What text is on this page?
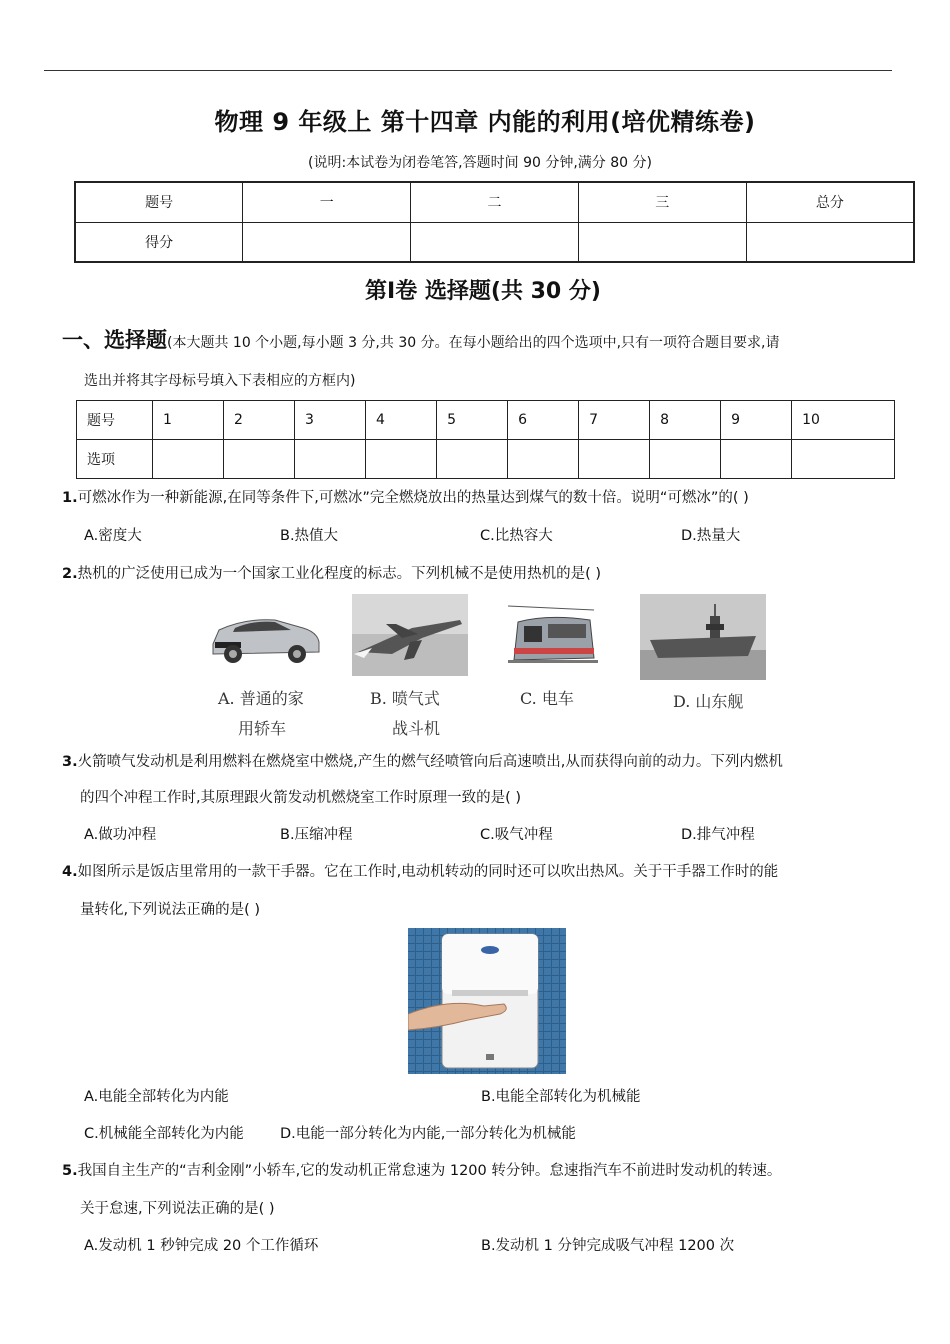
物理 9 年级上 第十四章 内能的利用(培优精练卷)
(说明:本试卷为闭卷笔答,答题时间 90 分钟,满分 80 分)
题号	一	二	三	总分
得分				
第Ⅰ卷 选择题(共 30 分)
一、选择题(本大题共 10 个小题,每小题 3 分,共 30 分。在每小题给出的四个选项中,只有一项符合题目要求,请
选出并将其字母标号填入下表相应的方框内)
题号	1	2	3	4	5	6	7	8	9	10
选项										
1.可燃冰作为一种新能源,在同等条件下,可燃冰”完全燃烧放出的热量达到煤气的数十倍。说明“可燃冰”的( )
A.密度大	B.热值大	C.比热容大	D.热量大
2.热机的广泛使用已成为一个国家工业化程度的标志。下列机械不是使用热机的是( )
A. 普通的家
用轿车
B. 喷气式
战斗机
C. 电车	D. 山东舰
3.火箭喷气发动机是利用燃料在燃烧室中燃烧,产生的燃气经喷管向后高速喷出,从而获得向前的动力。下列内燃机
的四个冲程工作时,其原理跟火箭发动机燃烧室工作时原理一致的是( )
A.做功冲程	B.压缩冲程	C.吸气冲程	D.排气冲程
4.如图所示是饭店里常用的一款干手器。它在工作时,电动机转动的同时还可以吹出热风。关于干手器工作时的能
量转化,下列说法正确的是( )
A.电能全部转化为内能	B.电能全部转化为机械能
C.机械能全部转化为内能	D.电能一部分转化为内能,一部分转化为机械能
5.我国自主生产的“吉利金刚”小轿车,它的发动机正常怠速为 1200 转分钟。怠速指汽车不前进时发动机的转速。
关于怠速,下列说法正确的是( )
A.发动机 1 秒钟完成 20 个工作循环	B.发动机 1 分钟完成吸气冲程 1200 次
